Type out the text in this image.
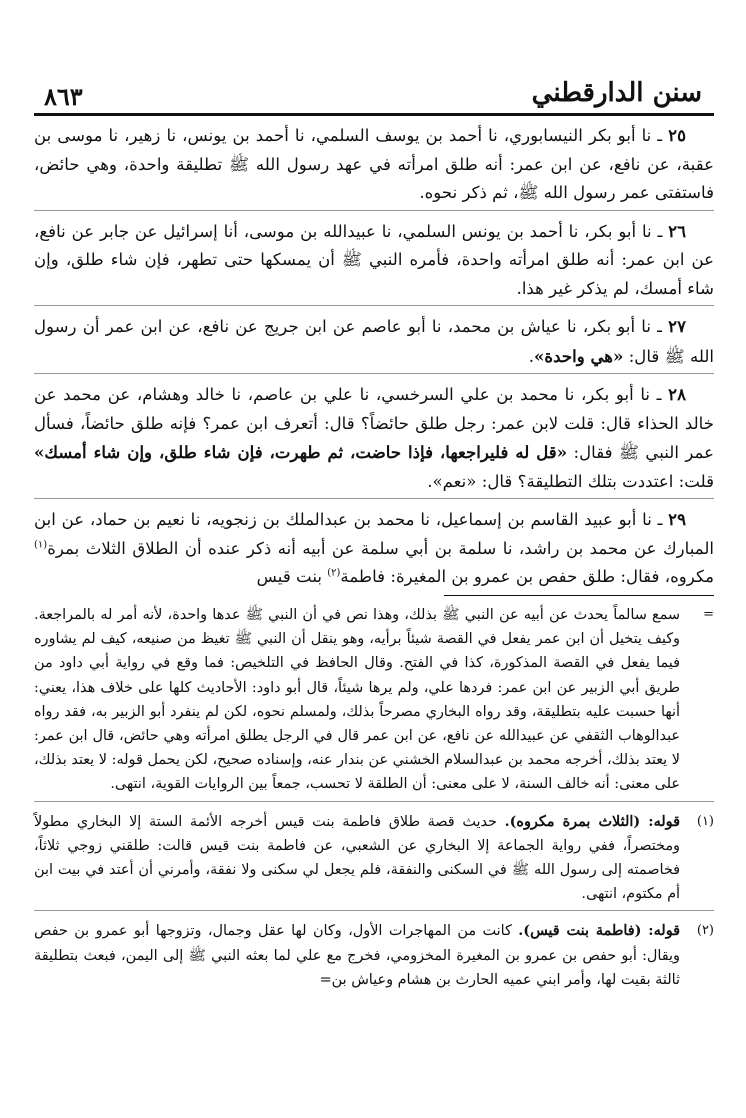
٨٦٣	سنن الدارقطني

٢٥ ـ نا أبو بكر النيسابوري، نا أحمد بن يوسف السلمي، نا أحمد بن يونس، نا زهير، نا موسى بن عقبة، عن نافع، عن ابن عمر: أنه طلق امرأته في عهد رسول الله ﷺ تطليقة واحدة، وهي حائض، فاستفتى عمر رسول الله ﷺ، ثم ذكر نحوه.

٢٦ ـ نا أبو بكر، نا أحمد بن يونس السلمي، نا عبيدالله بن موسى، أنا إسرائيل عن جابر عن نافع، عن ابن عمر: أنه طلق امرأته واحدة، فأمره النبي ﷺ أن يمسكها حتى تطهر، فإن شاء طلق، وإن شاء أمسك، لم يذكر غير هذا.

٢٧ ـ نا أبو بكر، نا عياش بن محمد، نا أبو عاصم عن ابن جريج عن نافع، عن ابن عمر أن رسول الله ﷺ قال: «هي واحدة».

٢٨ ـ نا أبو بكر، نا محمد بن علي السرخسي، نا علي بن عاصم، نا خالد وهشام، عن محمد عن خالد الحذاء قال: قلت لابن عمر: رجل طلق حائضاً؟ قال: أتعرف ابن عمر؟ فإنه طلق حائضاً، فسأل عمر النبي ﷺ فقال: «قل له فليراجعها، فإذا حاضت، ثم طهرت، فإن شاء طلق، وإن شاء أمسك» قلت: اعتددت بتلك التطليقة؟ قال: «نعم».

٢٩ ـ نا أبو عبيد القاسم بن إسماعيل، نا محمد بن عبدالملك بن زنجويه، نا نعيم بن حماد، عن ابن المبارك عن محمد بن راشد، نا سلمة بن أبي سلمة عن أبيه أنه ذكر عنده أن الطلاق الثلاث بمرة$^{(١)}$ مكروه، فقال: طلق حفص بن عمرو بن المغيرة: فاطمة$^{(٢)}$ بنت قيس

=
سمع سالماً يحدث عن أبيه عن النبي ﷺ بذلك، وهذا نص في أن النبي ﷺ عدها واحدة، لأنه أمر له بالمراجعة. وكيف يتخيل أن ابن عمر يفعل في القصة شيئاً برأيه، وهو ينقل أن النبي ﷺ تغيظ من صنيعه، كيف لم يشاوره فيما يفعل في القصة المذكورة، كذا في الفتح. وقال الحافظ في التلخيص: فما وقع في رواية أبي داود من طريق أبي الزبير عن ابن عمر: فردها علي، ولم يرها شيئاً، قال أبو داود: الأحاديث كلها على خلاف هذا، يعني: أنها حسبت عليه بتطليقة، وقد رواه البخاري مصرحاً بذلك، ولمسلم نحوه، لكن لم ينفرد أبو الزبير به، فقد رواه عبدالوهاب الثقفي عن عبيدالله عن نافع، عن ابن عمر قال في الرجل يطلق امرأته وهي حائض، قال ابن عمر: لا يعتد بذلك، أخرجه محمد بن عبدالسلام الخشني عن بندار عنه، وإسناده صحيح، لكن يحمل قوله: لا يعتد بذلك، على معنى: أنه خالف السنة، لا على معنى: أن الطلقة لا تحسب، جمعاً بين الروايات القوية، انتهى.

(١)
قوله: (الثلاث بمرة مكروه). حديث قصة طلاق فاطمة بنت قيس أخرجه الأئمة الستة إلا البخاري مطولاً ومختصراً، ففي رواية الجماعة إلا البخاري عن الشعبي، عن فاطمة بنت قيس قالت: طلقني زوجي ثلاثاً، فخاصمته إلى رسول الله ﷺ في السكنى والنفقة، فلم يجعل لي سكنى ولا نفقة، وأمرني أن أعتد في بيت ابن أم مكتوم، انتهى.

(٢)
قوله: (فاطمة بنت قيس). كانت من المهاجرات الأول، وكان لها عقل وجمال، وتزوجها أبو عمرو بن حفص ويقال: أبو حفص بن عمرو بن المغيرة المخزومي، فخرج مع علي لما بعثه النبي ﷺ إلى اليمن، فبعث بتطليقة ثالثة بقيت لها، وأمر ابني عميه الحارث بن هشام وعياش بن=
